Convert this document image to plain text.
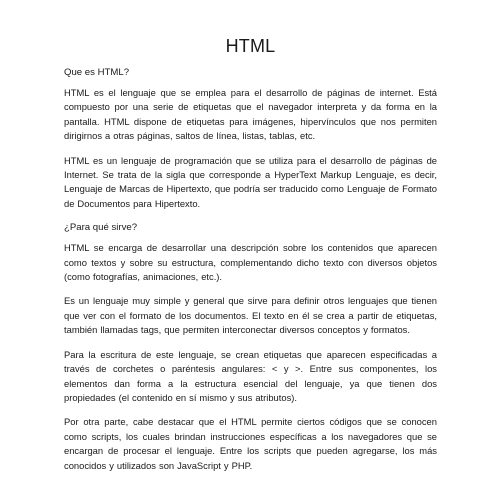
HTML

Que es HTML?

HTML es el lenguaje que se emplea para el desarrollo de páginas de internet. Está compuesto por una serie de etiquetas que el navegador interpreta y da forma en la pantalla. HTML dispone de etiquetas para imágenes, hipervínculos que nos permiten dirigirnos a otras páginas, saltos de línea, listas, tablas, etc.

HTML es un lenguaje de programación que se utiliza para el desarrollo de páginas de Internet. Se trata de la sigla que corresponde a HyperText Markup Lenguaje, es decir, Lenguaje de Marcas de Hipertexto, que podría ser traducido como Lenguaje de Formato de Documentos para Hipertexto.

¿Para qué sirve?

HTML se encarga de desarrollar una descripción sobre los contenidos que aparecen como textos y sobre su estructura, complementando dicho texto con diversos objetos (como fotografías, animaciones, etc.).

Es un lenguaje muy simple y general que sirve para definir otros lenguajes que tienen que ver con el formato de los documentos. El texto en él se crea a partir de etiquetas, también llamadas tags, que permiten interconectar diversos conceptos y formatos.

Para la escritura de este lenguaje, se crean etiquetas que aparecen especificadas a través de corchetes o paréntesis angulares: < y >. Entre sus componentes, los elementos dan forma a la estructura esencial del lenguaje, ya que tienen dos propiedades (el contenido en sí mismo y sus atributos).

Por otra parte, cabe destacar que el HTML permite ciertos códigos que se conocen como scripts, los cuales brindan instrucciones específicas a los navegadores que se encargan de procesar el lenguaje. Entre los scripts que pueden agregarse, los más conocidos y utilizados son JavaScript y PHP.
